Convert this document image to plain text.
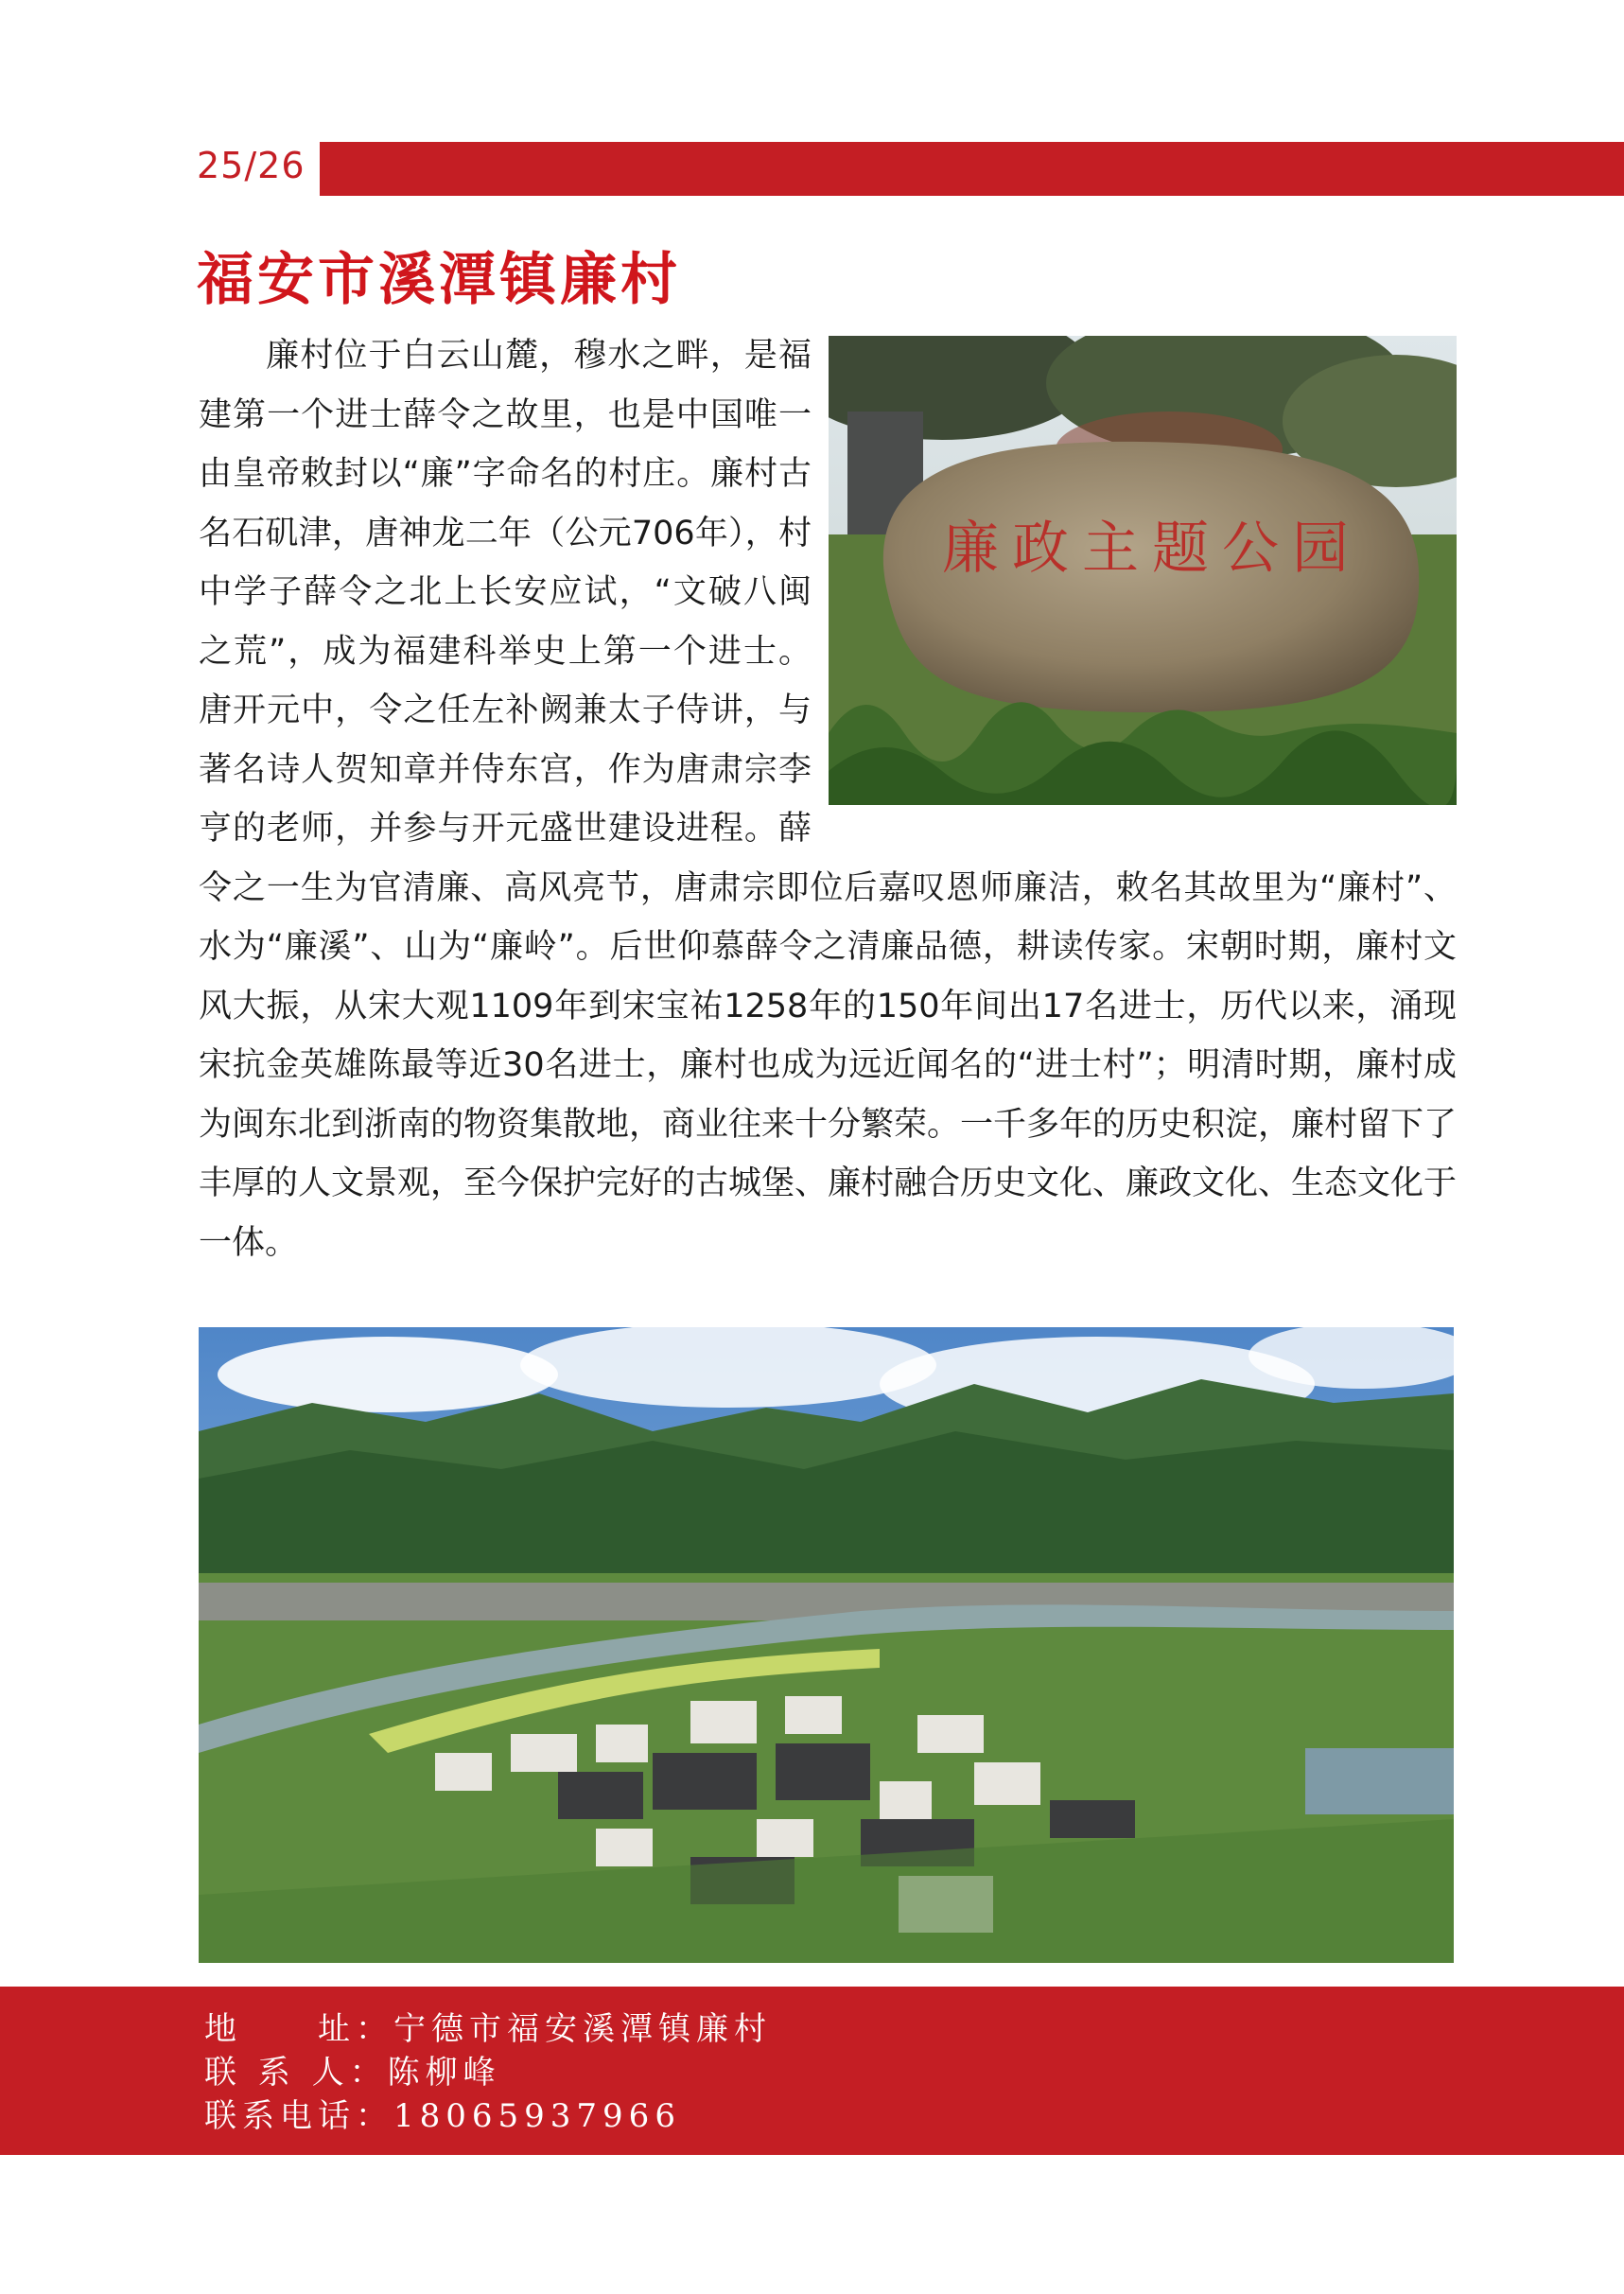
25/26
福安市溪潭镇廉村
廉政主题公园
廉村位于白云山麓，穆水之畔，是福建第一个进士薛令之故里，也是中国唯一由皇帝敕封以“廉”字命名的村庄。廉村古名石矶津，唐神龙二年（公元706年），村中学子薛令之北上长安应试，“文破八闽之荒”，成为福建科举史上第一个进士。唐开元中，令之任左补阙兼太子侍讲，与著名诗人贺知章并侍东宫，作为唐肃宗李亨的老师，并参与开元盛世建设进程。薛令之一生为官清廉、高风亮节，唐肃宗即位后嘉叹恩师廉洁，敕名其故里为“廉村”、水为“廉溪”、山为“廉岭”。后世仰慕薛令之清廉品德，耕读传家。宋朝时期，廉村文风大振，从宋大观1109年到宋宝祐1258年的150年间出17名进士，历代以来，涌现宋抗金英雄陈最等近30名进士，廉村也成为远近闻名的“进士村”；明清时期，廉村成为闽东北到浙南的物资集散地，商业往来十分繁荣。一千多年的历史积淀，廉村留下了丰厚的人文景观，至今保护完好的古城堡、廉村融合历史文化、廉政文化、生态文化于一体。
地　　址：宁德市福安溪潭镇廉村
联 系 人：陈柳峰
联系电话：18065937966
